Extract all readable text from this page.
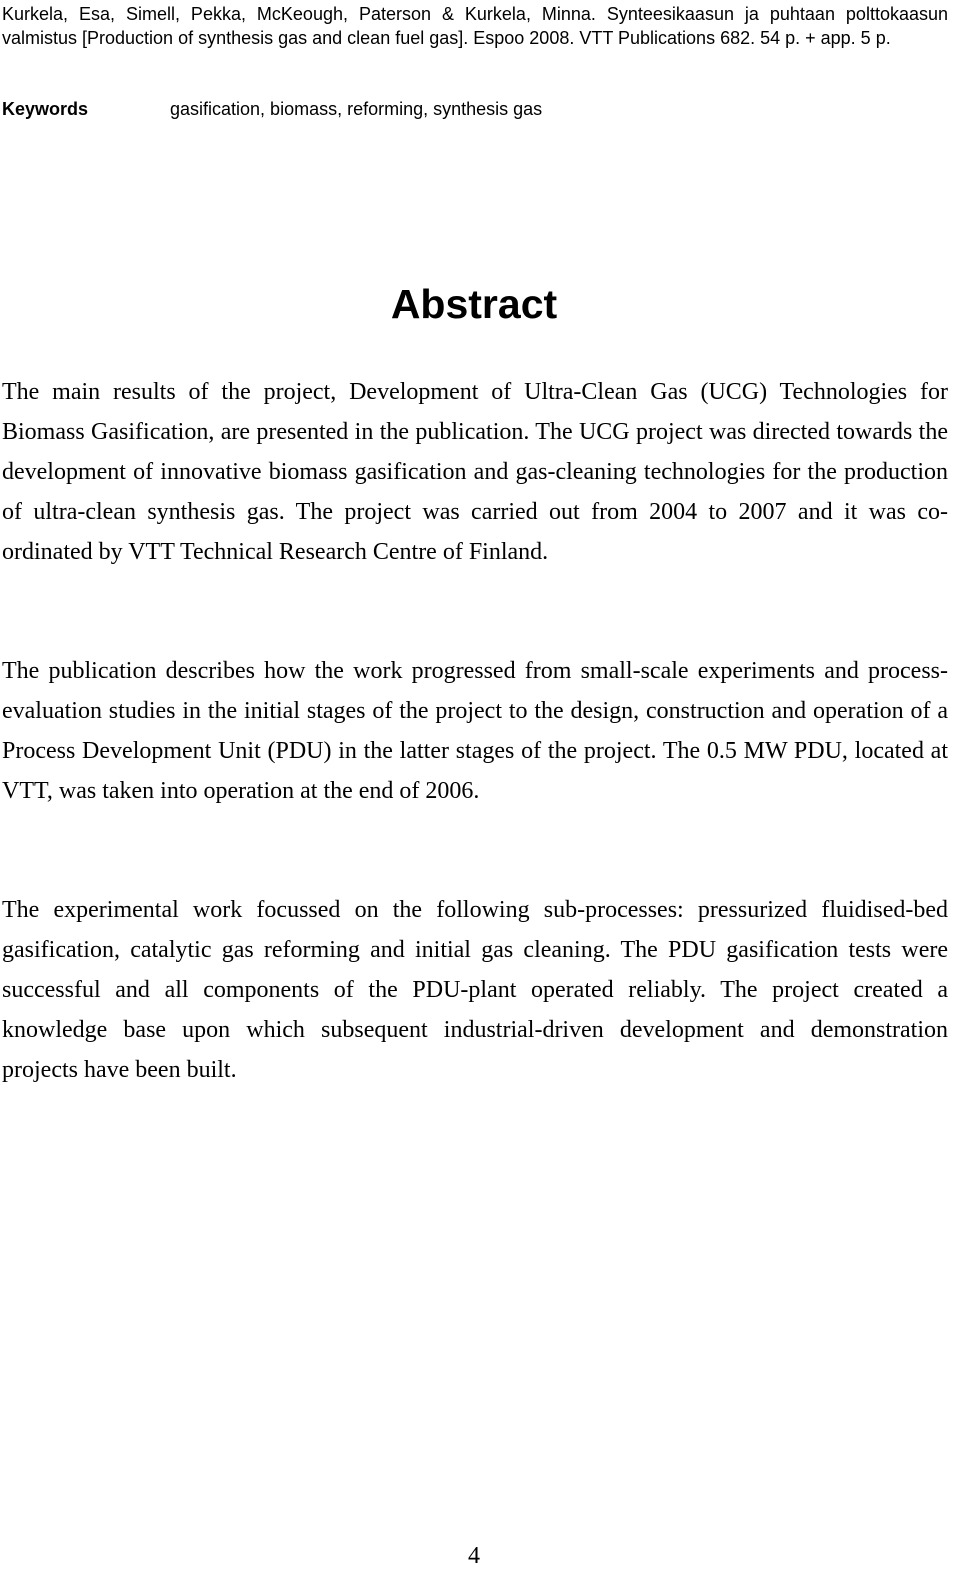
Kurkela, Esa, Simell, Pekka, McKeough, Paterson & Kurkela, Minna. Synteesikaasun ja puhtaan polttokaasun valmistus [Production of synthesis gas and clean fuel gas]. Espoo 2008. VTT Publications 682. 54 p. + app. 5 p.

Keywords	gasification, biomass, reforming, synthesis gas
Abstract

The main results of the project, Development of Ultra-Clean Gas (UCG) Technologies for Biomass Gasification, are presented in the publication. The UCG project was directed towards the development of innovative biomass gasification and gas-cleaning technologies for the production of ultra-clean synthesis gas. The project was carried out from 2004 to 2007 and it was co-ordinated by VTT Technical Research Centre of Finland.

The publication describes how the work progressed from small-scale experiments and process-evaluation studies in the initial stages of the project to the design, construction and operation of a Process Development Unit (PDU) in the latter stages of the project. The 0.5 MW PDU, located at VTT, was taken into operation at the end of 2006.

The experimental work focussed on the following sub-processes: pressurized fluidised-bed gasification, catalytic gas reforming and initial gas cleaning. The PDU gasification tests were successful and all components of the PDU-plant operated reliably. The project created a knowledge base upon which subsequent industrial-driven development and demonstration projects have been built.

4
